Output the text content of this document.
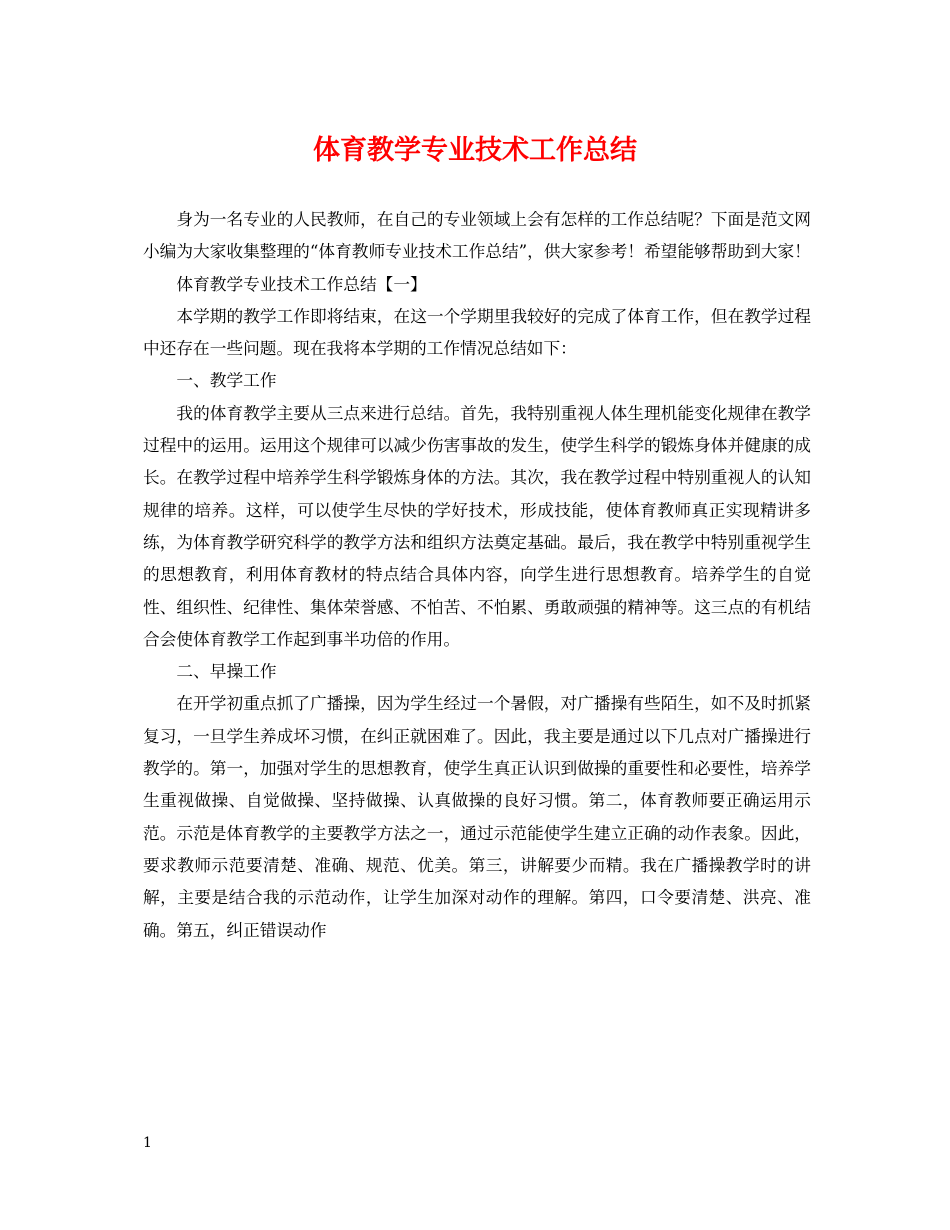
体育教学专业技术工作总结

身为一名专业的人民教师，在自己的专业领域上会有怎样的工作总结呢？下面是范文网小编为大家收集整理的“体育教师专业技术工作总结”，供大家参考！希望能够帮助到大家！

体育教学专业技术工作总结【一】

本学期的教学工作即将结束，在这一个学期里我较好的完成了体育工作，但在教学过程中还存在一些问题。现在我将本学期的工作情况总结如下：

一、教学工作

我的体育教学主要从三点来进行总结。首先，我特别重视人体生理机能变化规律在教学过程中的运用。运用这个规律可以减少伤害事故的发生，使学生科学的锻炼身体并健康的成长。在教学过程中培养学生科学锻炼身体的方法。其次，我在教学过程中特别重视人的认知规律的培养。这样，可以使学生尽快的学好技术，形成技能，使体育教师真正实现精讲多练，为体育教学研究科学的教学方法和组织方法奠定基础。最后，我在教学中特别重视学生的思想教育，利用体育教材的特点结合具体内容，向学生进行思想教育。培养学生的自觉性、组织性、纪律性、集体荣誉感、不怕苦、不怕累、勇敢顽强的精神等。这三点的有机结合会使体育教学工作起到事半功倍的作用。

二、早操工作

在开学初重点抓了广播操，因为学生经过一个暑假，对广播操有些陌生，如不及时抓紧复习，一旦学生养成坏习惯，在纠正就困难了。因此，我主要是通过以下几点对广播操进行教学的。第一，加强对学生的思想教育，使学生真正认识到做操的重要性和必要性，培养学生重视做操、自觉做操、坚持做操、认真做操的良好习惯。第二，体育教师要正确运用示范。示范是体育教学的主要教学方法之一，通过示范能使学生建立正确的动作表象。因此，要求教师示范要清楚、准确、规范、优美。第三，讲解要少而精。我在广播操教学时的讲解，主要是结合我的示范动作，让学生加深对动作的理解。第四，口令要清楚、洪亮、准确。第五，纠正错误动作

1
